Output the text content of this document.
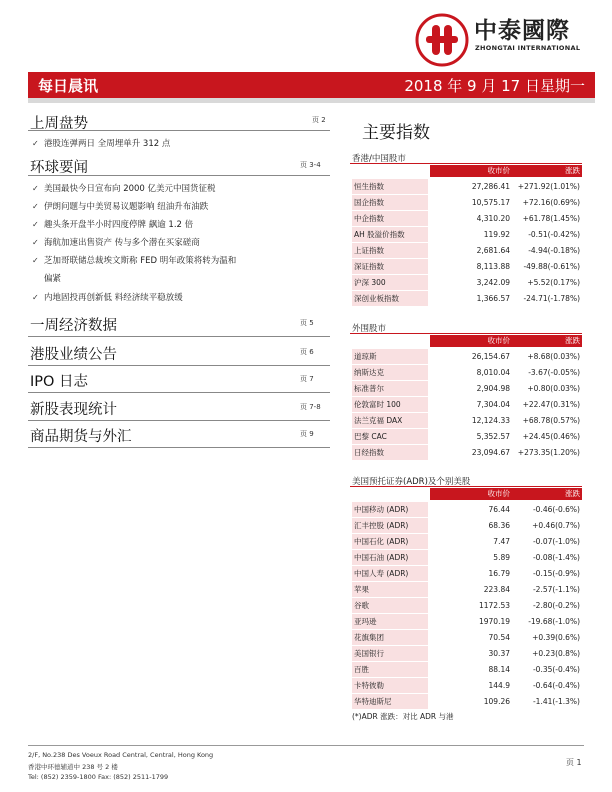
中泰國際
ZHONGTAI INTERNATIONAL
每日晨讯	2018 年 9 月 17 日星期一
上周盘势	页 2
✓ 港股连弹两日 全周埋单升 312 点
环球要闻	页 3-4
✓ 美国最快今日宣布向 2000 亿美元中国货征税
✓ 伊朗问题与中美贸易议题影响 纽油升布油跌
✓ 趣头条开盘半小时四度停牌 飙逾 1.2 倍
✓ 海航加速出售资产 传与多个潜在买家磋商
✓ 芝加哥联储总裁埃文斯称 FED 明年政策将转为温和
偏紧
✓ 内地固投再创新低 料经济续平稳放缓
一周经济数据	页 5
港股业绩公告	页 6
IPO 日志	页 7
新股表现统计	页 7-8
商品期货与外汇	页 9
主要指数
香港/中国股市
收市价	涨跌
恒生指数	27,286.41	+271.92(1.01%)
国企指数	10,575.17	+72.16(0.69%)
中企指数	4,310.20	+61.78(1.45%)
AH 股溢价指数	119.92	-0.51(-0.42%)
上证指数	2,681.64	-4.94(-0.18%)
深证指数	8,113.88	-49.88(-0.61%)
沪深 300	3,242.09	+5.52(0.17%)
深创业板指数	1,366.57	-24.71(-1.78%)
外围股市
收市价	涨跌
道琼斯	26,154.67	+8.68(0.03%)
纳斯达克	8,010.04	-3.67(-0.05%)
标准普尔	2,904.98	+0.80(0.03%)
伦敦富时 100	7,304.04	+22.47(0.31%)
法兰克福 DAX	12,124.33	+68.78(0.57%)
巴黎 CAC	5,352.57	+24.45(0.46%)
日经指数	23,094.67	+273.35(1.20%)
美国预托证券(ADR)及个别美股
收市价	涨跌
中国移动 (ADR)	76.44	-0.46(-0.6%)
汇丰控股 (ADR)	68.36	+0.46(0.7%)
中国石化 (ADR)	7.47	-0.07(-1.0%)
中国石油 (ADR)	5.89	-0.08(-1.4%)
中国人寿 (ADR)	16.79	-0.15(-0.9%)
苹果	223.84	-2.57(-1.1%)
谷歌	1172.53	-2.80(-0.2%)
亚玛逊	1970.19	-19.68(-1.0%)
花旗集团	70.54	+0.39(0.6%)
美国银行	30.37	+0.23(0.8%)
百胜	88.14	-0.35(-0.4%)
卡特彼勒	144.9	-0.64(-0.4%)
华特迪斯尼	109.26	-1.41(-1.3%)
(*)ADR 涨跌：对比 ADR 与港
2/F, No.238 Des Voeux Road Central, Central, Hong Kong
香港中环德辅道中 238 号 2 楼
Tel: (852) 2359-1800 Fax: (852) 2511-1799
页 1
